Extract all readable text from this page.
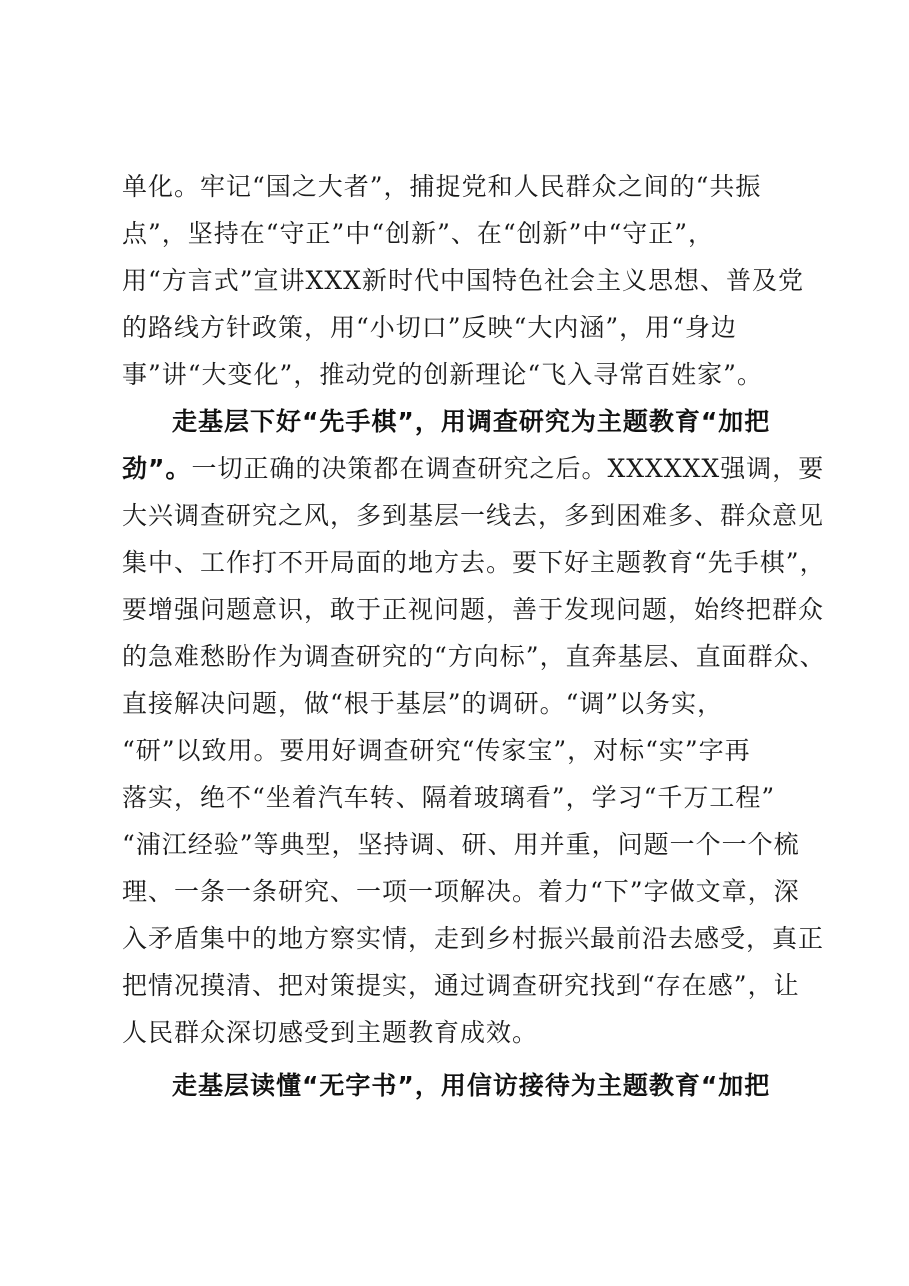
单化。牢记“国之大者”，捕捉党和人民群众之间的“共振
点”，坚持在“守正”中“创新”、在“创新”中“守正”，
用“方言式”宣讲XXX新时代中国特色社会主义思想、普及党
的路线方针政策，用“小切口”反映“大内涵”，用“身边
事”讲“大变化”，推动党的创新理论“飞入寻常百姓家”。
走基层下好“先手棋”，用调查研究为主题教育“加把
劲”。一切正确的决策都在调查研究之后。XXXXXX强调，要
大兴调查研究之风，多到基层一线去，多到困难多、群众意见
集中、工作打不开局面的地方去。要下好主题教育“先手棋”，
要增强问题意识，敢于正视问题，善于发现问题，始终把群众
的急难愁盼作为调查研究的“方向标”，直奔基层、直面群众、
直接解决问题，做“根于基层”的调研。“调”以务实，
“研”以致用。要用好调查研究“传家宝”，对标“实”字再
落实，绝不“坐着汽车转、隔着玻璃看”，学习“千万工程”
“浦江经验”等典型，坚持调、研、用并重，问题一个一个梳
理、一条一条研究、一项一项解决。着力“下”字做文章，深
入矛盾集中的地方察实情，走到乡村振兴最前沿去感受，真正
把情况摸清、把对策提实，通过调查研究找到“存在感”，让
人民群众深切感受到主题教育成效。
走基层读懂“无字书”，用信访接待为主题教育“加把
